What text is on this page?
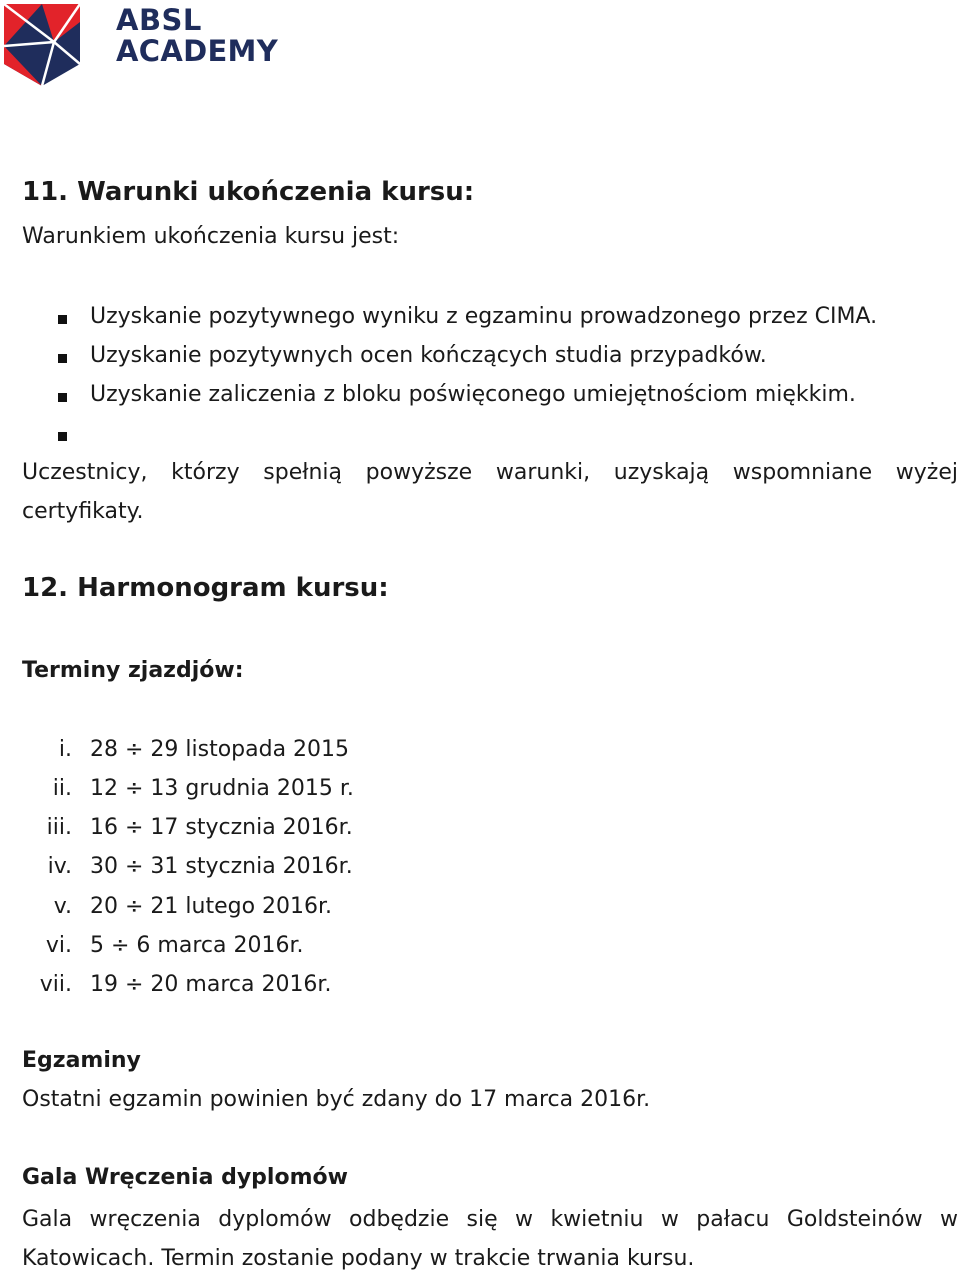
ABSL
ACADEMY
11. Warunki ukończenia kursu:
Warunkiem ukończenia kursu jest:
Uzyskanie pozytywnego wyniku z egzaminu prowadzonego przez CIMA.
Uzyskanie pozytywnych ocen kończących studia przypadków.
Uzyskanie zaliczenia z bloku poświęconego umiejętnościom miękkim.
Uczestnicy, którzy spełnią powyższe warunki, uzyskają wspomniane wyżej certyfikaty.
12. Harmonogram kursu:
Terminy zjazdjów:
i. 28 ÷ 29 listopada 2015
ii. 12 ÷ 13 grudnia 2015 r.
iii. 16 ÷ 17 stycznia 2016r.
iv. 30 ÷ 31 stycznia 2016r.
v. 20 ÷ 21 lutego 2016r.
vi. 5 ÷ 6 marca 2016r.
vii. 19 ÷ 20 marca 2016r.
Egzaminy
Ostatni egzamin powinien być zdany do 17 marca 2016r.
Gala Wręczenia dyplomów
Gala wręczenia dyplomów odbędzie się w kwietniu w pałacu Goldsteinów w Katowicach. Termin zostanie podany w trakcie trwania kursu.
